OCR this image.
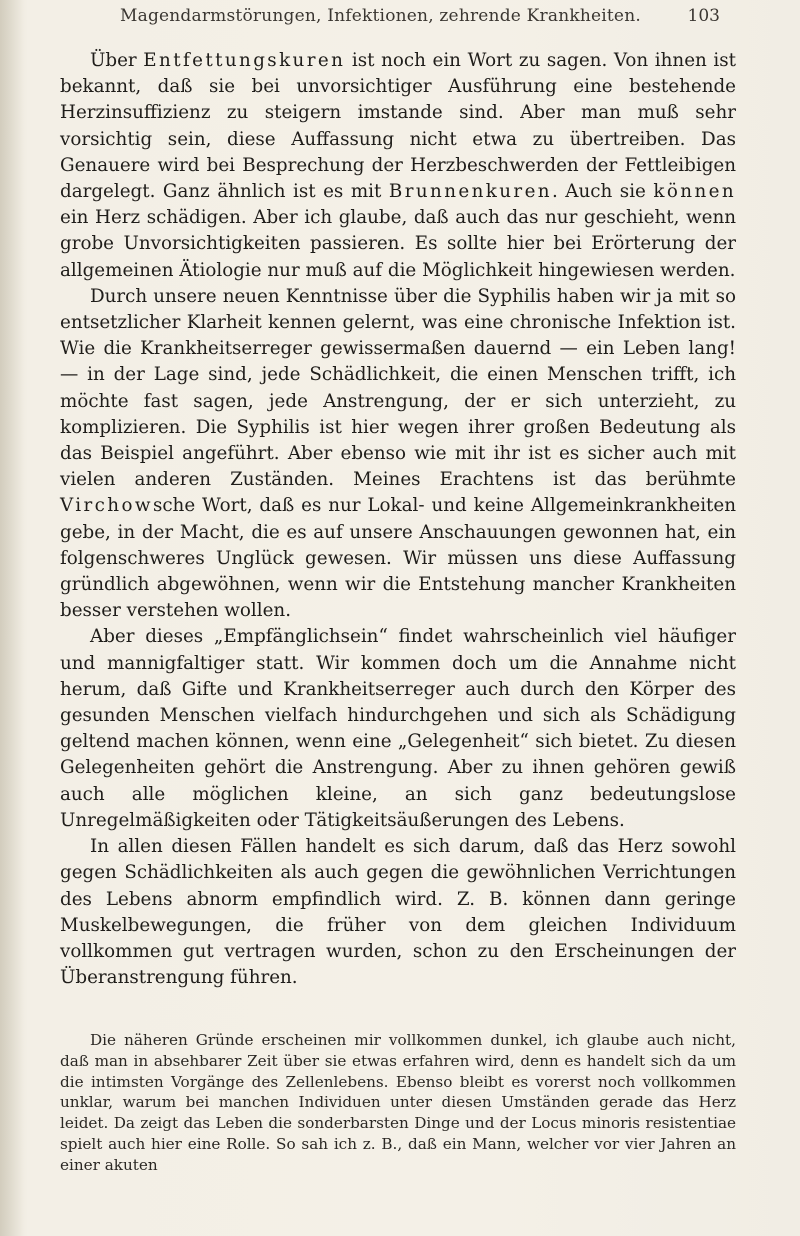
Magendarmstörungen, Infektionen, zehrende Krankheiten.	103

Über Entfettungskuren ist noch ein Wort zu sagen. Von ihnen ist bekannt, daß sie bei unvorsichtiger Ausführung eine bestehende Herzinsuffizienz zu steigern imstande sind. Aber man muß sehr vorsichtig sein, diese Auffassung nicht etwa zu übertreiben. Das Genauere wird bei Besprechung der Herzbeschwerden der Fettleibigen dargelegt. Ganz ähnlich ist es mit Brunnenkuren. Auch sie können ein Herz schädigen. Aber ich glaube, daß auch das nur geschieht, wenn grobe Unvorsichtigkeiten passieren. Es sollte hier bei Erörterung der allgemeinen Ätiologie nur muß auf die Möglichkeit hingewiesen werden.

Durch unsere neuen Kenntnisse über die Syphilis haben wir ja mit so entsetzlicher Klarheit kennen gelernt, was eine chronische Infektion ist. Wie die Krankheitserreger gewissermaßen dauernd — ein Leben lang! — in der Lage sind, jede Schädlichkeit, die einen Menschen trifft, ich möchte fast sagen, jede Anstrengung, der er sich unterzieht, zu komplizieren. Die Syphilis ist hier wegen ihrer großen Bedeutung als das Beispiel angeführt. Aber ebenso wie mit ihr ist es sicher auch mit vielen anderen Zuständen. Meines Erachtens ist das berühmte Virchowsche Wort, daß es nur Lokal- und keine Allgemeinkrankheiten gebe, in der Macht, die es auf unsere Anschauungen gewonnen hat, ein folgenschweres Unglück gewesen. Wir müssen uns diese Auffassung gründlich abgewöhnen, wenn wir die Entstehung mancher Krankheiten besser verstehen wollen.

Aber dieses „Empfänglichsein“ findet wahrscheinlich viel häufiger und mannigfaltiger statt. Wir kommen doch um die Annahme nicht herum, daß Gifte und Krankheitserreger auch durch den Körper des gesunden Menschen vielfach hindurchgehen und sich als Schädigung geltend machen können, wenn eine „Gelegenheit“ sich bietet. Zu diesen Gelegenheiten gehört die Anstrengung. Aber zu ihnen gehören gewiß auch alle möglichen kleine, an sich ganz bedeutungslose Unregelmäßigkeiten oder Tätigkeitsäußerungen des Lebens.

In allen diesen Fällen handelt es sich darum, daß das Herz sowohl gegen Schädlichkeiten als auch gegen die gewöhnlichen Verrichtungen des Lebens abnorm empfindlich wird. Z. B. können dann geringe Muskelbewegungen, die früher von dem gleichen Individuum vollkommen gut vertragen wurden, schon zu den Erscheinungen der Überanstrengung führen.

Die näheren Gründe erscheinen mir vollkommen dunkel, ich glaube auch nicht, daß man in absehbarer Zeit über sie etwas erfahren wird, denn es handelt sich da um die intimsten Vorgänge des Zellenlebens. Ebenso bleibt es vorerst noch vollkommen unklar, warum bei manchen Individuen unter diesen Umständen gerade das Herz leidet. Da zeigt das Leben die sonderbarsten Dinge und der Locus minoris resistentiae spielt auch hier eine Rolle. So sah ich z. B., daß ein Mann, welcher vor vier Jahren an einer akuten
